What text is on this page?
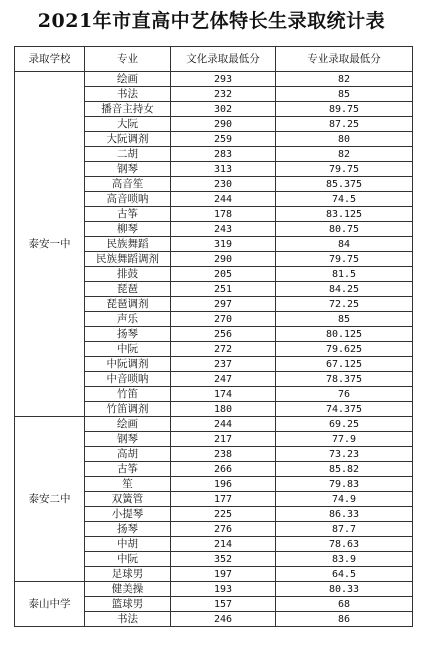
2021年市直高中艺体特长生录取统计表
录取学校	专业	文化录取最低分	专业录取最低分
泰安一中	绘画	293	82
	书法	232	85
	播音主持女	302	89.75
	大阮	290	87.25
	大阮调剂	259	80
	二胡	283	82
	钢琴	313	79.75
	高音笙	230	85.375
	高音唢呐	244	74.5
	古筝	178	83.125
	柳琴	243	80.75
	民族舞蹈	319	84
	民族舞蹈调剂	290	79.75
	排鼓	205	81.5
	琵琶	251	84.25
	琵琶调剂	297	72.25
	声乐	270	85
	扬琴	256	80.125
	中阮	272	79.625
	中阮调剂	237	67.125
	中音唢呐	247	78.375
	竹笛	174	76
	竹笛调剂	180	74.375
泰安二中	绘画	244	69.25
	钢琴	217	77.9
	高胡	238	73.23
	古筝	266	85.82
	笙	196	79.83
	双簧管	177	74.9
	小提琴	225	86.33
	扬琴	276	87.7
	中胡	214	78.63
	中阮	352	83.9
	足球男	197	64.5
泰山中学	健美操	193	80.33
	篮球男	157	68
	书法	246	86
